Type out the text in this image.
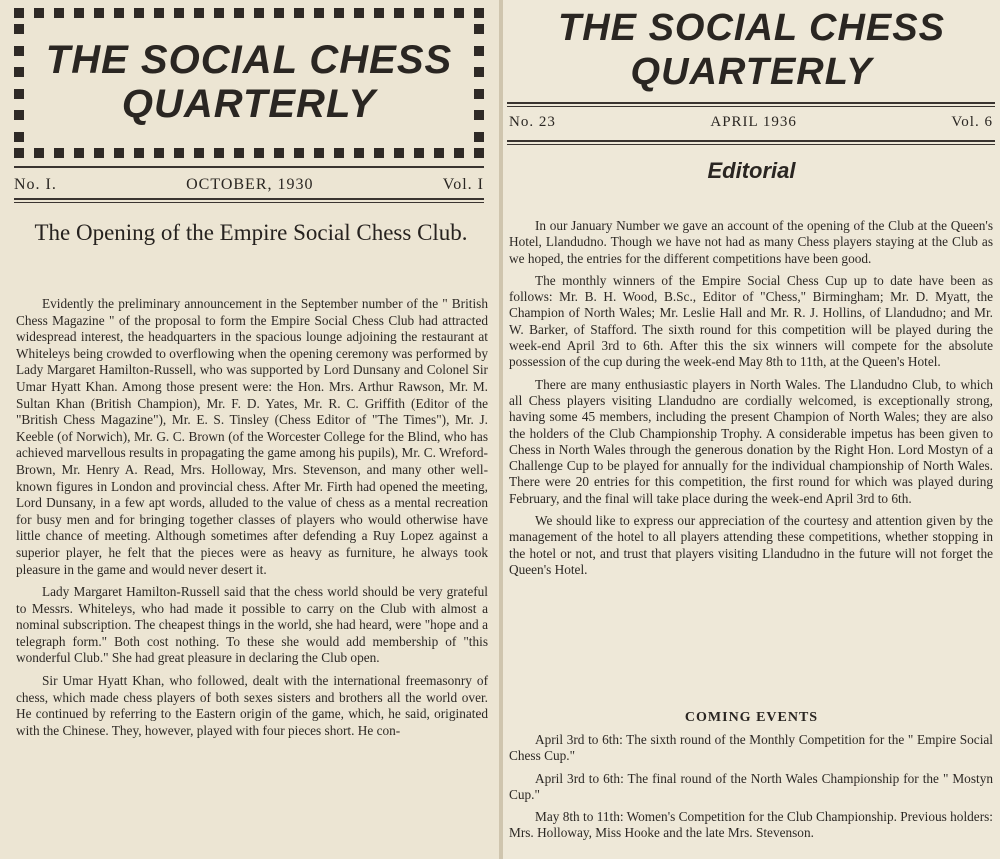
THE SOCIAL CHESS
QUARTERLY
No. I.	OCTOBER, 1930	Vol. I
The Opening of the Empire Social Chess Club.

Evidently the preliminary announcement in the September number of the " British Chess Magazine " of the proposal to form the Empire Social Chess Club had attracted widespread interest, the headquarters in the spacious lounge adjoining the restaurant at Whiteleys being crowded to overflowing when the opening ceremony was performed by Lady Margaret Hamilton-Russell, who was supported by Lord Dunsany and Colonel Sir Umar Hyatt Khan. Among those present were: the Hon. Mrs. Arthur Rawson, Mr. M. Sultan Khan (British Champion), Mr. F. D. Yates, Mr. R. C. Griffith (Editor of the "British Chess Magazine"), Mr. E. S. Tinsley (Chess Editor of "The Times"), Mr. J. Keeble (of Norwich), Mr. G. C. Brown (of the Worcester College for the Blind, who has achieved marvellous results in propagating the game among his pupils), Mr. C. Wreford-Brown, Mr. Henry A. Read, Mrs. Holloway, Mrs. Stevenson, and many other well-known figures in London and provincial chess. After Mr. Firth had opened the meeting, Lord Dunsany, in a few apt words, alluded to the value of chess as a mental recreation for busy men and for bringing together classes of players who would otherwise have little chance of meeting. Although sometimes after defending a Ruy Lopez against a superior player, he felt that the pieces were as heavy as furniture, he always took pleasure in the game and would never desert it.

Lady Margaret Hamilton-Russell said that the chess world should be very grateful to Messrs. Whiteleys, who had made it possible to carry on the Club with almost a nominal subscription. The cheapest things in the world, she had heard, were "hope and a telegraph form." Both cost nothing. To these she would add membership of "this wonderful Club." She had great pleasure in declaring the Club open.

Sir Umar Hyatt Khan, who followed, dealt with the international freemasonry of chess, which made chess players of both sexes sisters and brothers all the world over. He continued by referring to the Eastern origin of the game, which, he said, originated with the Chinese. They, however, played with four pieces short. He con-

THE SOCIAL CHESS
QUARTERLY
No. 23	APRIL 1936	Vol. 6
Editorial

In our January Number we gave an account of the opening of the Club at the Queen's Hotel, Llandudno. Though we have not had as many Chess players staying at the Club as we hoped, the entries for the different competitions have been good.

The monthly winners of the Empire Social Chess Cup up to date have been as follows: Mr. B. H. Wood, B.Sc., Editor of "Chess," Birmingham; Mr. D. Myatt, the Champion of North Wales; Mr. Leslie Hall and Mr. R. J. Hollins, of Llandudno; and Mr. W. Barker, of Stafford. The sixth round for this competition will be played during the week-end April 3rd to 6th. After this the six winners will compete for the absolute possession of the cup during the week-end May 8th to 11th, at the Queen's Hotel.

There are many enthusiastic players in North Wales. The Llandudno Club, to which all Chess players visiting Llandudno are cordially welcomed, is exceptionally strong, having some 45 members, including the present Champion of North Wales; they are also the holders of the Club Championship Trophy. A considerable impetus has been given to Chess in North Wales through the generous donation by the Right Hon. Lord Mostyn of a Challenge Cup to be played for annually for the individual championship of North Wales. There were 20 entries for this competition, the first round for which was played during February, and the final will take place during the week-end April 3rd to 6th.

We should like to express our appreciation of the courtesy and attention given by the management of the hotel to all players attending these competitions, whether stopping in the hotel or not, and trust that players visiting Llandudno in the future will not forget the Queen's Hotel.

COMING EVENTS

April 3rd to 6th: The sixth round of the Monthly Competition for the " Empire Social Chess Cup."

April 3rd to 6th: The final round of the North Wales Championship for the " Mostyn Cup."

May 8th to 11th: Women's Competition for the Club Championship. Previous holders: Mrs. Holloway, Miss Hooke and the late Mrs. Stevenson.
